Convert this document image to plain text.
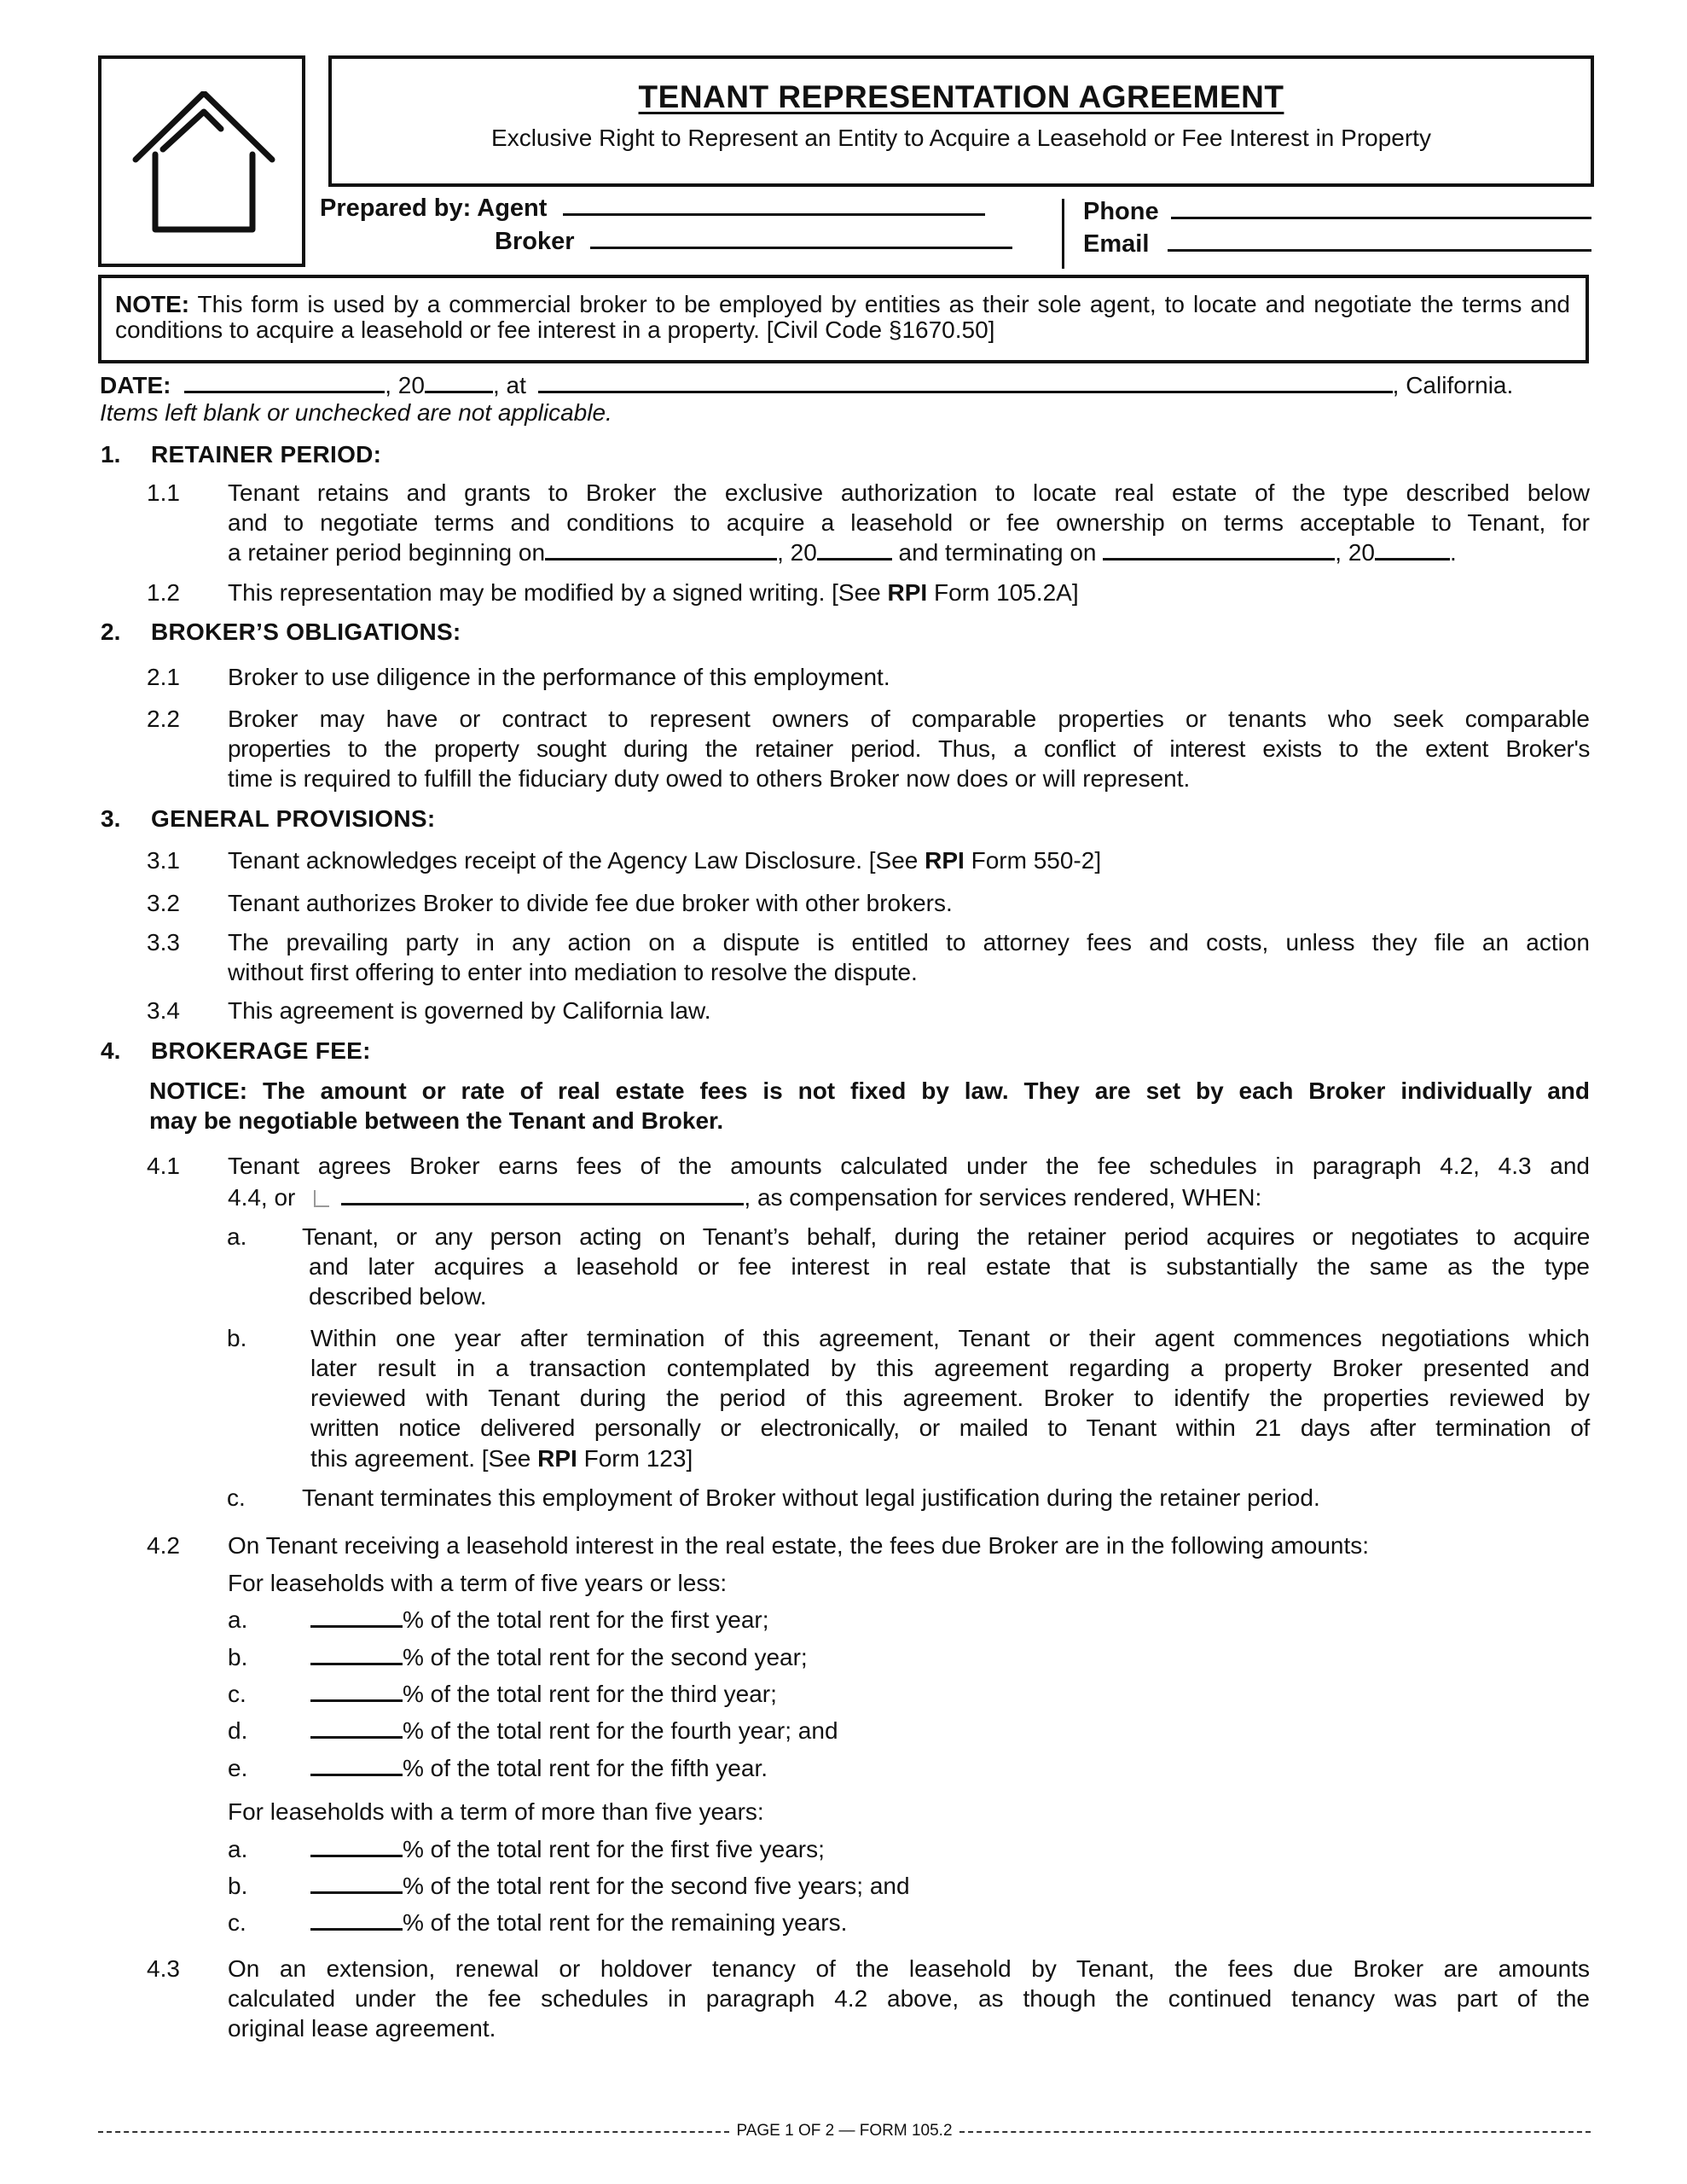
TENANT REPRESENTATION AGREEMENT
Exclusive Right to Represent an Entity to Acquire a Leasehold or Fee Interest in Property
Prepared by: Agent
Broker
Phone
Email
NOTE: This form is used by a commercial broker to be employed by entities as their sole agent, to locate and negotiate the terms and conditions to acquire a leasehold or fee interest in a property. [Civil Code §1670.50]
DATE:	, 20	, at	, California.
Items left blank or unchecked are not applicable.
1. RETAINER PERIOD:
1.1 Tenant retains and grants to Broker the exclusive authorization to locate real estate of the type described below
and to negotiate terms and conditions to acquire a leasehold or fee ownership on terms acceptable to Tenant, for
a retainer period beginning on	, 20	and terminating on	, 20	.
1.2 This representation may be modified by a signed writing. [See RPI Form 105.2A]
2. BROKER’S OBLIGATIONS:
2.1 Broker to use diligence in the performance of this employment.
2.2 Broker may have or contract to represent owners of comparable properties or tenants who seek comparable
properties to the property sought during the retainer period. Thus, a conflict of interest exists to the extent Broker's
time is required to fulfill the fiduciary duty owed to others Broker now does or will represent.
3. GENERAL PROVISIONS:
3.1 Tenant acknowledges receipt of the Agency Law Disclosure. [See RPI Form 550-2]
3.2 Tenant authorizes Broker to divide fee due broker with other brokers.
3.3 The prevailing party in any action on a dispute is entitled to attorney fees and costs, unless they file an action
without first offering to enter into mediation to resolve the dispute.
3.4 This agreement is governed by California law.
4. BROKERAGE FEE:
NOTICE: The amount or rate of real estate fees is not fixed by law. They are set by each Broker individually and
may be negotiable between the Tenant and Broker.
4.1 Tenant agrees Broker earns fees of the amounts calculated under the fee schedules in paragraph 4.2, 4.3 and
4.4, or	, as compensation for services rendered, WHEN:
a. Tenant, or any person acting on Tenant’s behalf, during the retainer period acquires or negotiates to acquire
and later acquires a leasehold or fee interest in real estate that is substantially the same as the type
described below.
b.	Within one year after termination of this agreement, Tenant or their agent commences negotiations which
later result in a transaction contemplated by this agreement regarding a property Broker presented and
reviewed with Tenant during the period of this agreement. Broker to identify the properties reviewed by
written notice delivered personally or electronically, or mailed to Tenant within 21 days after termination of
this agreement. [See RPI Form 123]
c. Tenant terminates this employment of Broker without legal justification during the retainer period.
4.2 On Tenant receiving a leasehold interest in the real estate, the fees due Broker are in the following amounts:
For leaseholds with a term of five years or less:
a.	% of the total rent for the first year;
b.	% of the total rent for the second year;
c.	% of the total rent for the third year;
d.	% of the total rent for the fourth year; and
e.	% of the total rent for the fifth year.
For leaseholds with a term of more than five years:
a.	% of the total rent for the first five years;
b.	% of the total rent for the second five years; and
c.	% of the total rent for the remaining years.
4.3 On an extension, renewal or holdover tenancy of the leasehold by Tenant, the fees due Broker are amounts
calculated under the fee schedules in paragraph 4.2 above, as though the continued tenancy was part of the
original lease agreement.
PAGE 1 OF 2 — FORM 105.2
